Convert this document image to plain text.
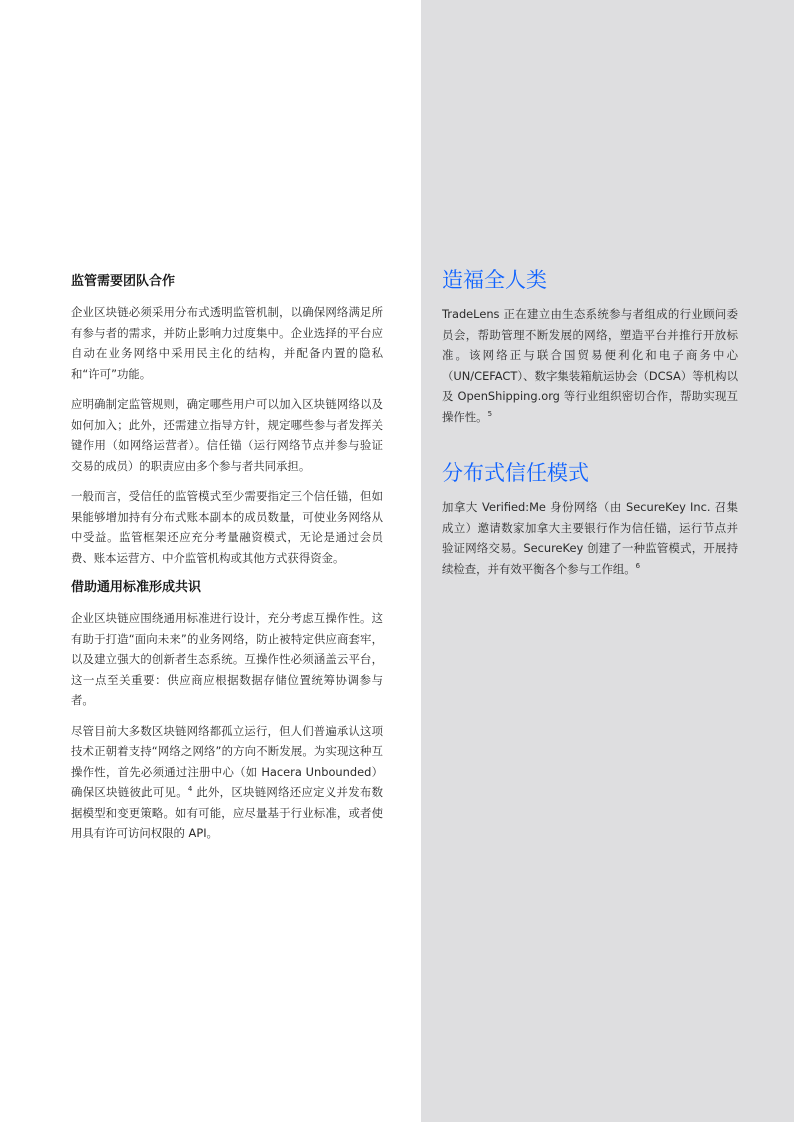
监管需要团队合作

企业区块链必须采用分布式透明监管机制，以确保网络满足所有参与者的需求，并防止影响力过度集中。企业选择的平台应自动在业务网络中采用民主化的结构，并配备内置的隐私和“许可”功能。

应明确制定监管规则，确定哪些用户可以加入区块链网络以及如何加入；此外，还需建立指导方针，规定哪些参与者发挥关键作用（如网络运营者）。信任锚（运行网络节点并参与验证交易的成员）的职责应由多个参与者共同承担。

一般而言，受信任的监管模式至少需要指定三个信任锚，但如果能够增加持有分布式账本副本的成员数量，可使业务网络从中受益。监管框架还应充分考量融资模式，无论是通过会员费、账本运营方、中介监管机构或其他方式获得资金。

借助通用标准形成共识

企业区块链应围绕通用标准进行设计，充分考虑互操作性。这有助于打造“面向未来”的业务网络，防止被特定供应商套牢，以及建立强大的创新者生态系统。互操作性必须涵盖云平台，这一点至关重要：供应商应根据数据存储位置统筹协调参与者。

尽管目前大多数区块链网络都孤立运行，但人们普遍承认这项技术正朝着支持“网络之网络”的方向不断发展。为实现这种互操作性，首先必须通过注册中心（如 Hacera Unbounded）确保区块链彼此可见。$^4$ 此外，区块链网络还应定义并发布数据模型和变更策略。如有可能，应尽量基于行业标准，或者使用具有许可访问权限的 API。

造福全人类

TradeLens 正在建立由生态系统参与者组成的行业顾问委员会，帮助管理不断发展的网络，塑造平台并推行开放标准。该网络正与联合国贸易便利化和电子商务中心（UN/CEFACT）、数字集装箱航运协会（DCSA）等机构以及 OpenShipping.org 等行业组织密切合作，帮助实现互操作性。$^5$

分布式信任模式

加拿大 Verified:Me 身份网络（由 SecureKey Inc. 召集成立）邀请数家加拿大主要银行作为信任锚，运行节点并验证网络交易。SecureKey 创建了一种监管模式，开展持续检查，并有效平衡各个参与工作组。$^6$
